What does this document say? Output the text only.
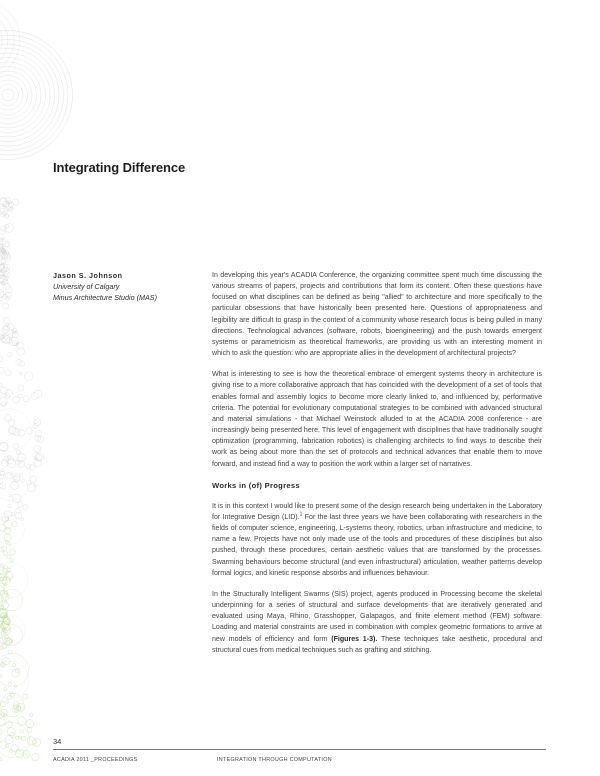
Integrating Difference
Jason S. Johnson
University of Calgary
Minus Architecture Studio (MAS)

In developing this year's ACADIA Conference, the organizing committee spent much time discussing the various streams of papers, projects and contributions that form its content. Often these questions have focused on what disciplines can be defined as being "allied" to architecture and more specifically to the particular obsessions that have historically been presented here. Questions of appropriateness and legibility are difficult to grasp in the context of a community whose research focus is being pulled in many directions. Technological advances (software, robots, bioengineering) and the push towards emergent systems or parametricism as theoretical frameworks, are providing us with an interesting moment in which to ask the question: who are appropriate allies in the development of architectural projects?

What is interesting to see is how the theoretical embrace of emergent systems theory in architecture is giving rise to a more collaborative approach that has coincided with the development of a set of tools that enables formal and assembly logics to become more clearly linked to, and influenced by, performative criteria. The potential for evolutionary computational strategies to be combined with advanced structural and material simulations - that Michael Weinstock alluded to at the ACADIA 2008 conference - are increasingly being presented here. This level of engagement with disciplines that have traditionally sought optimization (programming, fabrication robotics) is challenging architects to find ways to describe their work as being about more than the set of protocols and technical advances that enable them to move forward, and instead find a way to position the work within a larger set of narratives.

Works in (of) Progress

It is in this context I would like to present some of the design research being undertaken in the Laboratory for Integrative Design (LID).$^1$ For the last three years we have been collaborating with researchers in the fields of computer science, engineering, L-systems theory, robotics, urban infrastructure and medicine, to name a few. Projects have not only made use of the tools and procedures of these disciplines but also pushed, through these procedures, certain aesthetic values that are transformed by the processes. Swarming behaviours become structural (and even infrastructural) articulation, weather patterns develop formal logics, and kinetic response absorbs and influences behaviour.

In the Structurally Intelligent Swarms (SIS) project, agents produced in Processing become the skeletal underpinning for a series of structural and surface developments that are iteratively generated and evaluated using Maya, Rhino, Grasshopper, Galapagos, and finite element method (FEM) software. Loading and material constraints are used in combination with complex geometric formations to arrive at new models of efficiency and form (Figures 1-3). These techniques take aesthetic, procedural and structural cues from medical techniques such as grafting and stitching.

34
ACADIA 2011 _PROCEEDINGS	INTEGRATION THROUGH COMPUTATION
